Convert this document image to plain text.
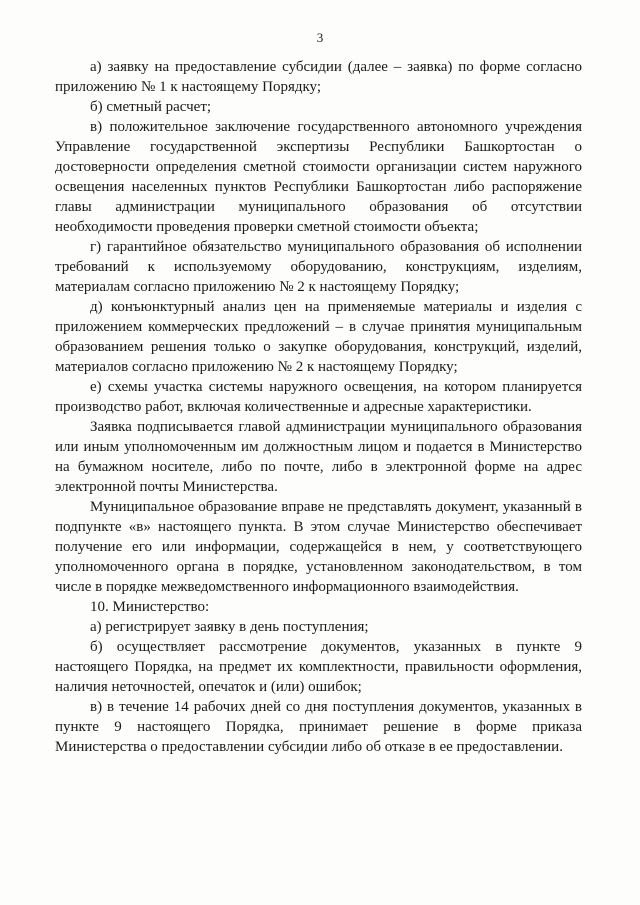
3

а) заявку на предоставление субсидии (далее – заявка) по форме согласно приложению № 1 к настоящему Порядку;

б) сметный расчет;

в) положительное заключение государственного автономного учреждения Управление государственной экспертизы Республики Башкортостан о достоверности определения сметной стоимости организации систем наружного освещения населенных пунктов Республики Башкортостан либо распоряжение главы администрации муниципального образования об отсутствии необходимости проведения проверки сметной стоимости объекта;

г) гарантийное обязательство муниципального образования об исполнении требований к используемому оборудованию, конструкциям, изделиям, материалам согласно приложению № 2 к настоящему Порядку;

д) конъюнктурный анализ цен на применяемые материалы и изделия с приложением коммерческих предложений – в случае принятия муниципальным образованием решения только о закупке оборудования, конструкций, изделий, материалов согласно приложению № 2 к настоящему Порядку;

е) схемы участка системы наружного освещения, на котором планируется производство работ, включая количественные и адресные характеристики.

Заявка подписывается главой администрации муниципального образования или иным уполномоченным им должностным лицом и подается в Министерство на бумажном носителе, либо по почте, либо в электронной форме на адрес электронной почты Министерства.

Муниципальное образование вправе не представлять документ, указанный в подпункте «в» настоящего пункта. В этом случае Министерство обеспечивает получение его или информации, содержащейся в нем, у соответствующего уполномоченного органа в порядке, установленном законодательством, в том числе в порядке межведомственного информационного взаимодействия.

10. Министерство:

а) регистрирует заявку в день поступления;

б) осуществляет рассмотрение документов, указанных в пункте 9 настоящего Порядка, на предмет их комплектности, правильности оформления, наличия неточностей, опечаток и (или) ошибок;

в) в течение 14 рабочих дней со дня поступления документов, указанных в пункте 9 настоящего Порядка, принимает решение в форме приказа Министерства о предоставлении субсидии либо об отказе в ее предоставлении.
